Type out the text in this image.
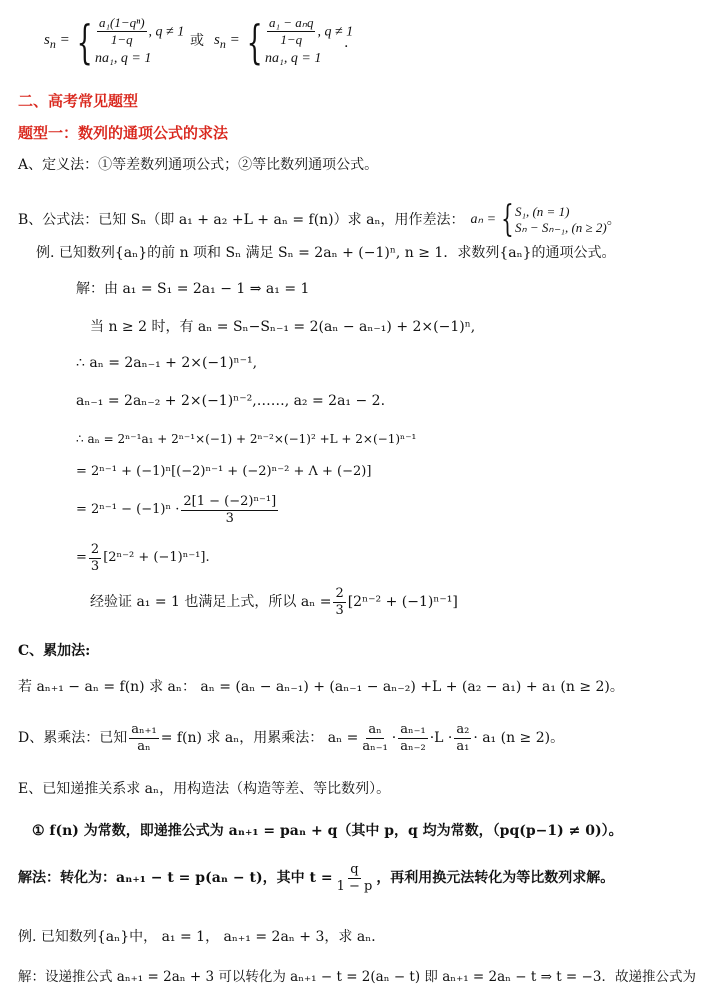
$s_n$ = { $\frac{\text{a₁(1−qⁿ)}}{1-q}$ , q ≠ 1
na₁, q = 1
或 $s_n$ = { $\frac{\text{a₁ − aₙq}}{1-q}$ , q ≠ 1
na₁, q = 1
.
二、高考常见题型
题型一：数列的通项公式的求法
A、定义法：①等差数列通项公式；②等比数列通项公式。
B、公式法：已知 Sₙ（即 a₁ + a₂ +L + aₙ = f(n)）求 aₙ，用作差法： aₙ = { S₁, (n = 1)
Sₙ − Sₙ₋₁, (n ≥ 2) 。
例. 已知数列{aₙ}的前 n 项和 Sₙ 满足 Sₙ = 2aₙ + (−1)ⁿ, n ≥ 1．求数列{aₙ}的通项公式。
解：由 a₁ = S₁ = 2a₁ − 1 ⇒ a₁ = 1
当 n ≥ 2 时，有 aₙ = Sₙ−Sₙ₋₁ = 2(aₙ − aₙ₋₁) + 2×(−1)ⁿ,
∴ aₙ = 2aₙ₋₁ + 2×(−1)ⁿ⁻¹,
aₙ₋₁ = 2aₙ₋₂ + 2×(−1)ⁿ⁻²,……, a₂ = 2a₁ − 2.
∴ aₙ = 2ⁿ⁻¹a₁ + 2ⁿ⁻¹×(−1) + 2ⁿ⁻²×(−1)² +L + 2×(−1)ⁿ⁻¹
= 2ⁿ⁻¹ + (−1)ⁿ[(−2)ⁿ⁻¹ + (−2)ⁿ⁻² + Λ + (−2)]
= $2^{n-1} - (-1)^n \cdot \frac{\text{2[1 − (−2)ⁿ⁻¹]}}{3}$
= $\frac{2}{3} [2^{n-2} + (-1)^{n-1}]$.
经验证 a₁ = 1 也满足上式，所以 $a_n = \frac{2}{3} [2^{n-2} + (-1)^{n-1}]$
C、累加法:
若 aₙ₊₁ − aₙ = f(n) 求 aₙ： aₙ = (aₙ − aₙ₋₁) + (aₙ₋₁ − aₙ₋₂) +L + (a₂ − a₁) + a₁ (n ≥ 2)。
D、累乘法：已知 $\frac{\text{aₙ₊₁}}{\text{aₙ}} = f(n)$ 求 aₙ，用累乘法： $a_n = \frac{\text{aₙ}}{\text{aₙ₋₁}} \cdot \frac{\text{aₙ₋₁}}{\text{aₙ₋₂}} \cdot L \cdot \frac{\text{a₂}}{\text{a₁}} \cdot a_1$ (n ≥ 2)。
E、已知递推关系求 aₙ，用构造法（构造等差、等比数列）。
① f(n) 为常数，即递推公式为 aₙ₊₁ = paₙ + q（其中 p，q 均为常数，（pq(p−1) ≠ 0)）。
解法：转化为：aₙ₊₁ − t = p(aₙ − t)，其中 $t = \frac{q}{1 - p}$ ，再利用换元法转化为等比数列求解。
例. 已知数列{aₙ}中， a₁ = 1， aₙ₊₁ = 2aₙ + 3，求 aₙ．
解：设递推公式 aₙ₊₁ = 2aₙ + 3 可以转化为 aₙ₊₁ − t = 2(aₙ − t) 即 aₙ₊₁ = 2aₙ − t ⇒ t = −3．故递推公式为
